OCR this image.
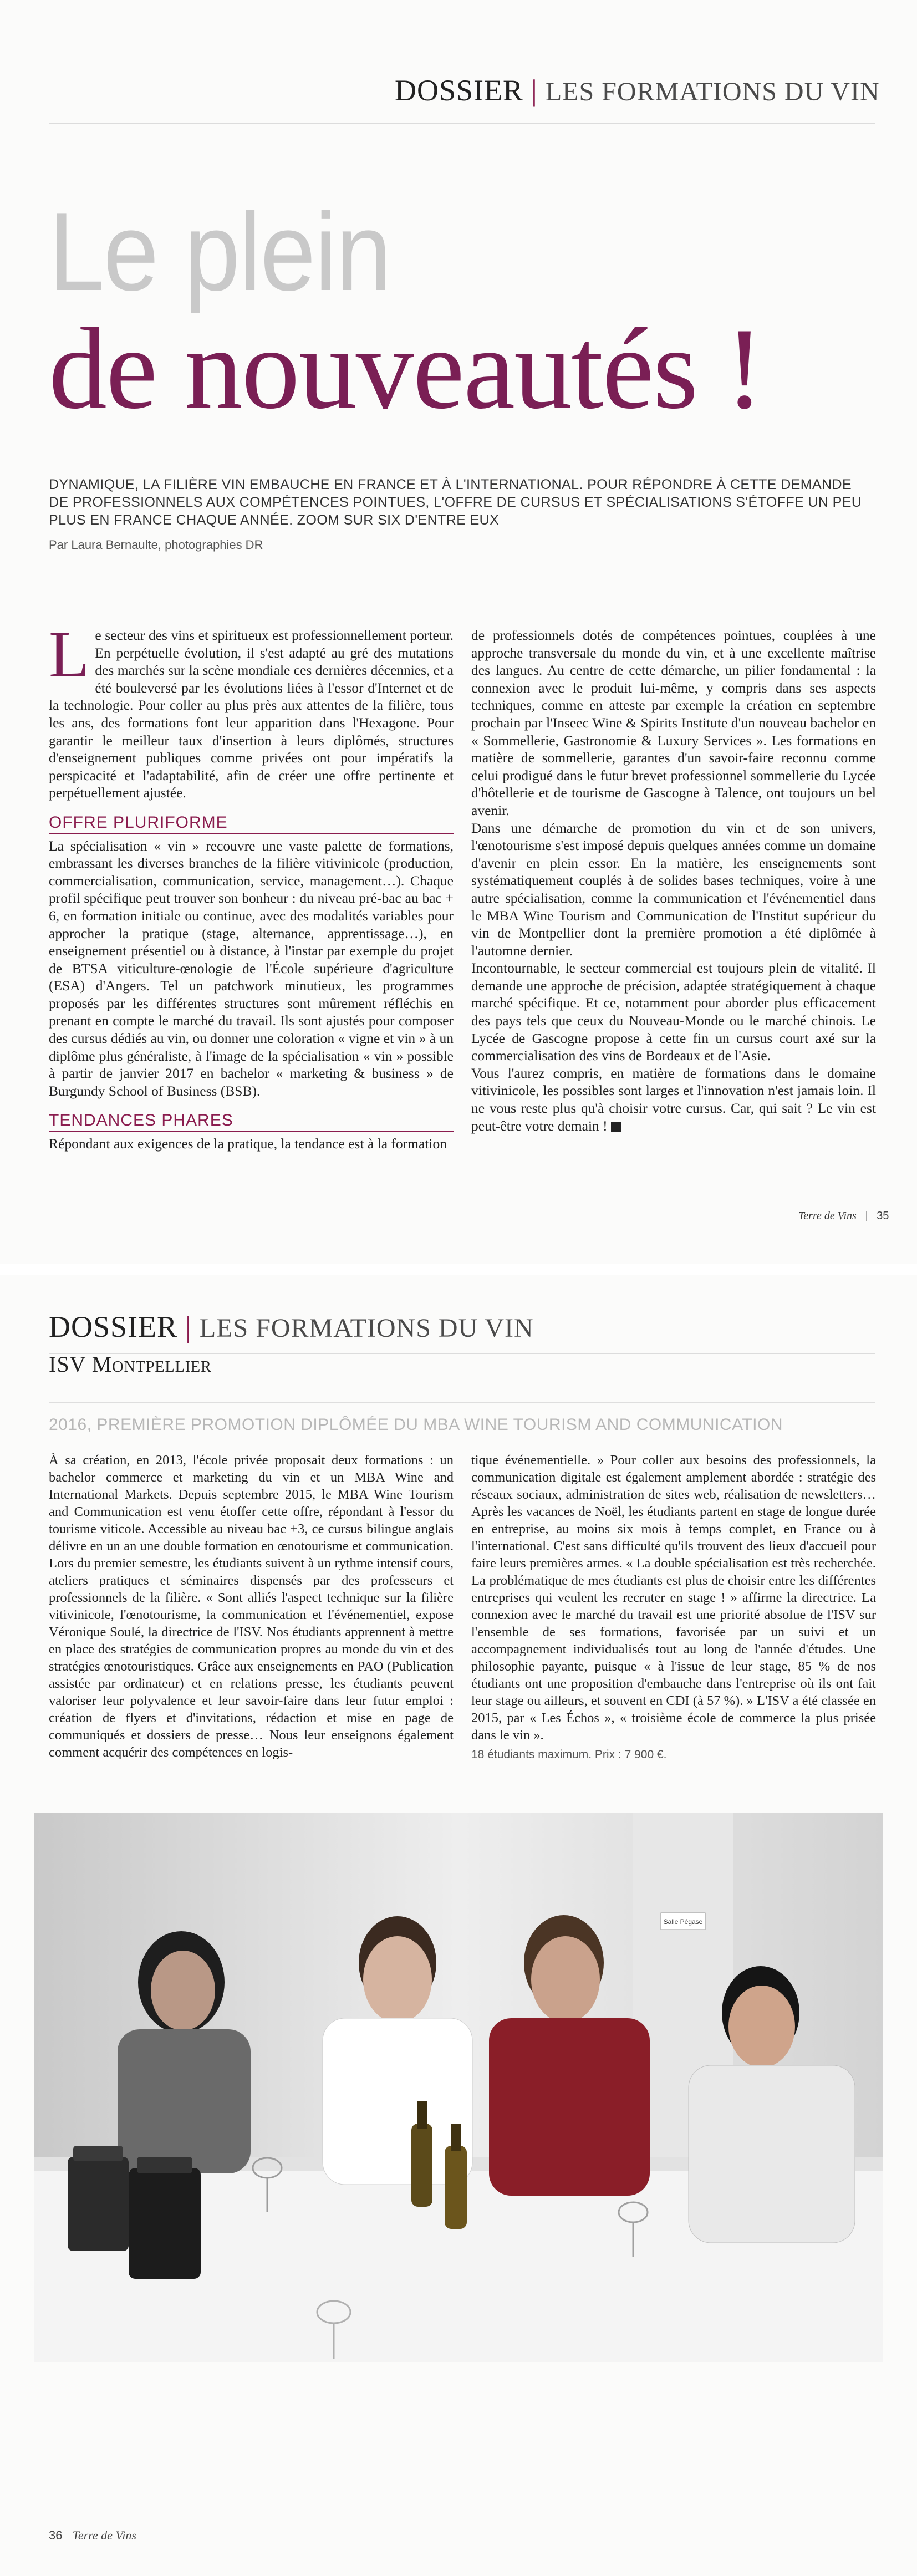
DOSSIER | LES FORMATIONS DU VIN
Le plein
de nouveautés !
DYNAMIQUE, LA FILIÈRE VIN EMBAUCHE EN FRANCE ET À L'INTERNATIONAL. POUR RÉPONDRE À CETTE DEMANDE DE PROFESSIONNELS AUX COMPÉTENCES POINTUES, L'OFFRE DE CURSUS ET SPÉCIALISATIONS S'ÉTOFFE UN PEU PLUS EN FRANCE CHAQUE ANNÉE. ZOOM SUR SIX D'ENTRE EUX
Par Laura Bernaulte, photographies DR

Le secteur des vins et spiritueux est professionnellement porteur. En perpétuelle évolution, il s'est adapté au gré des mutations des marchés sur la scène mondiale ces dernières décennies, et a été bouleversé par les évolutions liées à l'essor d'Internet et de la technologie. Pour coller au plus près aux attentes de la filière, tous les ans, des formations font leur apparition dans l'Hexagone. Pour garantir le meilleur taux d'insertion à leurs diplômés, structures d'enseignement publiques comme privées ont pour impératifs la perspicacité et l'adaptabilité, afin de créer une offre pertinente et perpétuellement ajustée.

OFFRE PLURIFORME

La spécialisation « vin » recouvre une vaste palette de formations, embrassant les diverses branches de la filière vitivinicole (production, commercialisation, communication, service, management…). Chaque profil spécifique peut trouver son bonheur : du niveau pré-bac au bac + 6, en formation initiale ou continue, avec des modalités variables pour approcher la pratique (stage, alternance, apprentissage…), en enseignement présentiel ou à distance, à l'instar par exemple du projet de BTSA viticulture-œnologie de l'École supérieure d'agriculture (ESA) d'Angers. Tel un patchwork minutieux, les programmes proposés par les différentes structures sont mûrement réfléchis en prenant en compte le marché du travail. Ils sont ajustés pour composer des cursus dédiés au vin, ou donner une coloration « vigne et vin » à un diplôme plus généraliste, à l'image de la spécialisation « vin » possible à partir de janvier 2017 en bachelor « marketing & business » de Burgundy School of Business (BSB).

TENDANCES PHARES

Répondant aux exigences de la pratique, la tendance est à la formation

de professionnels dotés de compétences pointues, couplées à une approche transversale du monde du vin, et à une excellente maîtrise des langues. Au centre de cette démarche, un pilier fondamental : la connexion avec le produit lui-même, y compris dans ses aspects techniques, comme en atteste par exemple la création en septembre prochain par l'Inseec Wine & Spirits Institute d'un nouveau bachelor en « Sommellerie, Gastronomie & Luxury Services ». Les formations en matière de sommellerie, garantes d'un savoir-faire reconnu comme celui prodigué dans le futur brevet professionnel sommellerie du Lycée d'hôtellerie et de tourisme de Gascogne à Talence, ont toujours un bel avenir.

Dans une démarche de promotion du vin et de son univers, l'œnotourisme s'est imposé depuis quelques années comme un domaine d'avenir en plein essor. En la matière, les enseignements sont systématiquement couplés à de solides bases techniques, voire à une autre spécialisation, comme la communication et l'événementiel dans le MBA Wine Tourism and Communication de l'Institut supérieur du vin de Montpellier dont la première promotion a été diplômée à l'automne dernier.

Incontournable, le secteur commercial est toujours plein de vitalité. Il demande une approche de précision, adaptée stratégiquement à chaque marché spécifique. Et ce, notamment pour aborder plus efficacement des pays tels que ceux du Nouveau-Monde ou le marché chinois. Le Lycée de Gascogne propose à cette fin un cursus court axé sur la commercialisation des vins de Bordeaux et de l'Asie.

Vous l'aurez compris, en matière de formations dans le domaine vitivinicole, les possibles sont larges et l'innovation n'est jamais loin. Il ne vous reste plus qu'à choisir votre cursus. Car, qui sait ? Le vin est peut-être votre demain !

Terre de Vins | 35
DOSSIER | LES FORMATIONS DU VIN
ISV Montpellier
2016, PREMIÈRE PROMOTION DIPLÔMÉE DU MBA WINE TOURISM AND COMMUNICATION
À sa création, en 2013, l'école privée proposait deux formations : un bachelor commerce et marketing du vin et un MBA Wine and International Markets. Depuis septembre 2015, le MBA Wine Tourism and Communication est venu étoffer cette offre, répondant à l'essor du tourisme viticole. Accessible au niveau bac +3, ce cursus bilingue anglais délivre en un an une double formation en œnotourisme et communication. Lors du premier semestre, les étudiants suivent à un rythme intensif cours, ateliers pratiques et séminaires dispensés par des professeurs et professionnels de la filière. « Sont alliés l'aspect technique sur la filière vitivinicole, l'œnotourisme, la communication et l'événementiel, expose Véronique Soulé, la directrice de l'ISV. Nos étudiants apprennent à mettre en place des stratégies de communication propres au monde du vin et des stratégies œnotouristiques. Grâce aux enseignements en PAO (Publication assistée par ordinateur) et en relations presse, les étudiants peuvent valoriser leur polyvalence et leur savoir-faire dans leur futur emploi : création de flyers et d'invitations, rédaction et mise en page de communiqués et dossiers de presse… Nous leur enseignons également comment acquérir des compétences en logis-

tique événementielle. » Pour coller aux besoins des professionnels, la communication digitale est également amplement abordée : stratégie des réseaux sociaux, administration de sites web, réalisation de newsletters… Après les vacances de Noël, les étudiants partent en stage de longue durée en entreprise, au moins six mois à temps complet, en France ou à l'international. C'est sans difficulté qu'ils trouvent des lieux d'accueil pour faire leurs premières armes. « La double spécialisation est très recherchée. La problématique de mes étudiants est plus de choisir entre les différentes entreprises qui veulent les recruter en stage ! » affirme la directrice. La connexion avec le marché du travail est une priorité absolue de l'ISV sur l'ensemble de ses formations, favorisée par un suivi et un accompagnement individualisés tout au long de l'année d'études. Une philosophie payante, puisque « à l'issue de leur stage, 85 % de nos étudiants ont une proposition d'embauche dans l'entreprise où ils ont fait leur stage ou ailleurs, et souvent en CDI (à 57 %). » L'ISV a été classée en 2015, par « Les Échos », « troisième école de commerce la plus prisée dans le vin ».

18 étudiants maximum. Prix : 7 900 €.

Salle Pégase
36 Terre de Vins
